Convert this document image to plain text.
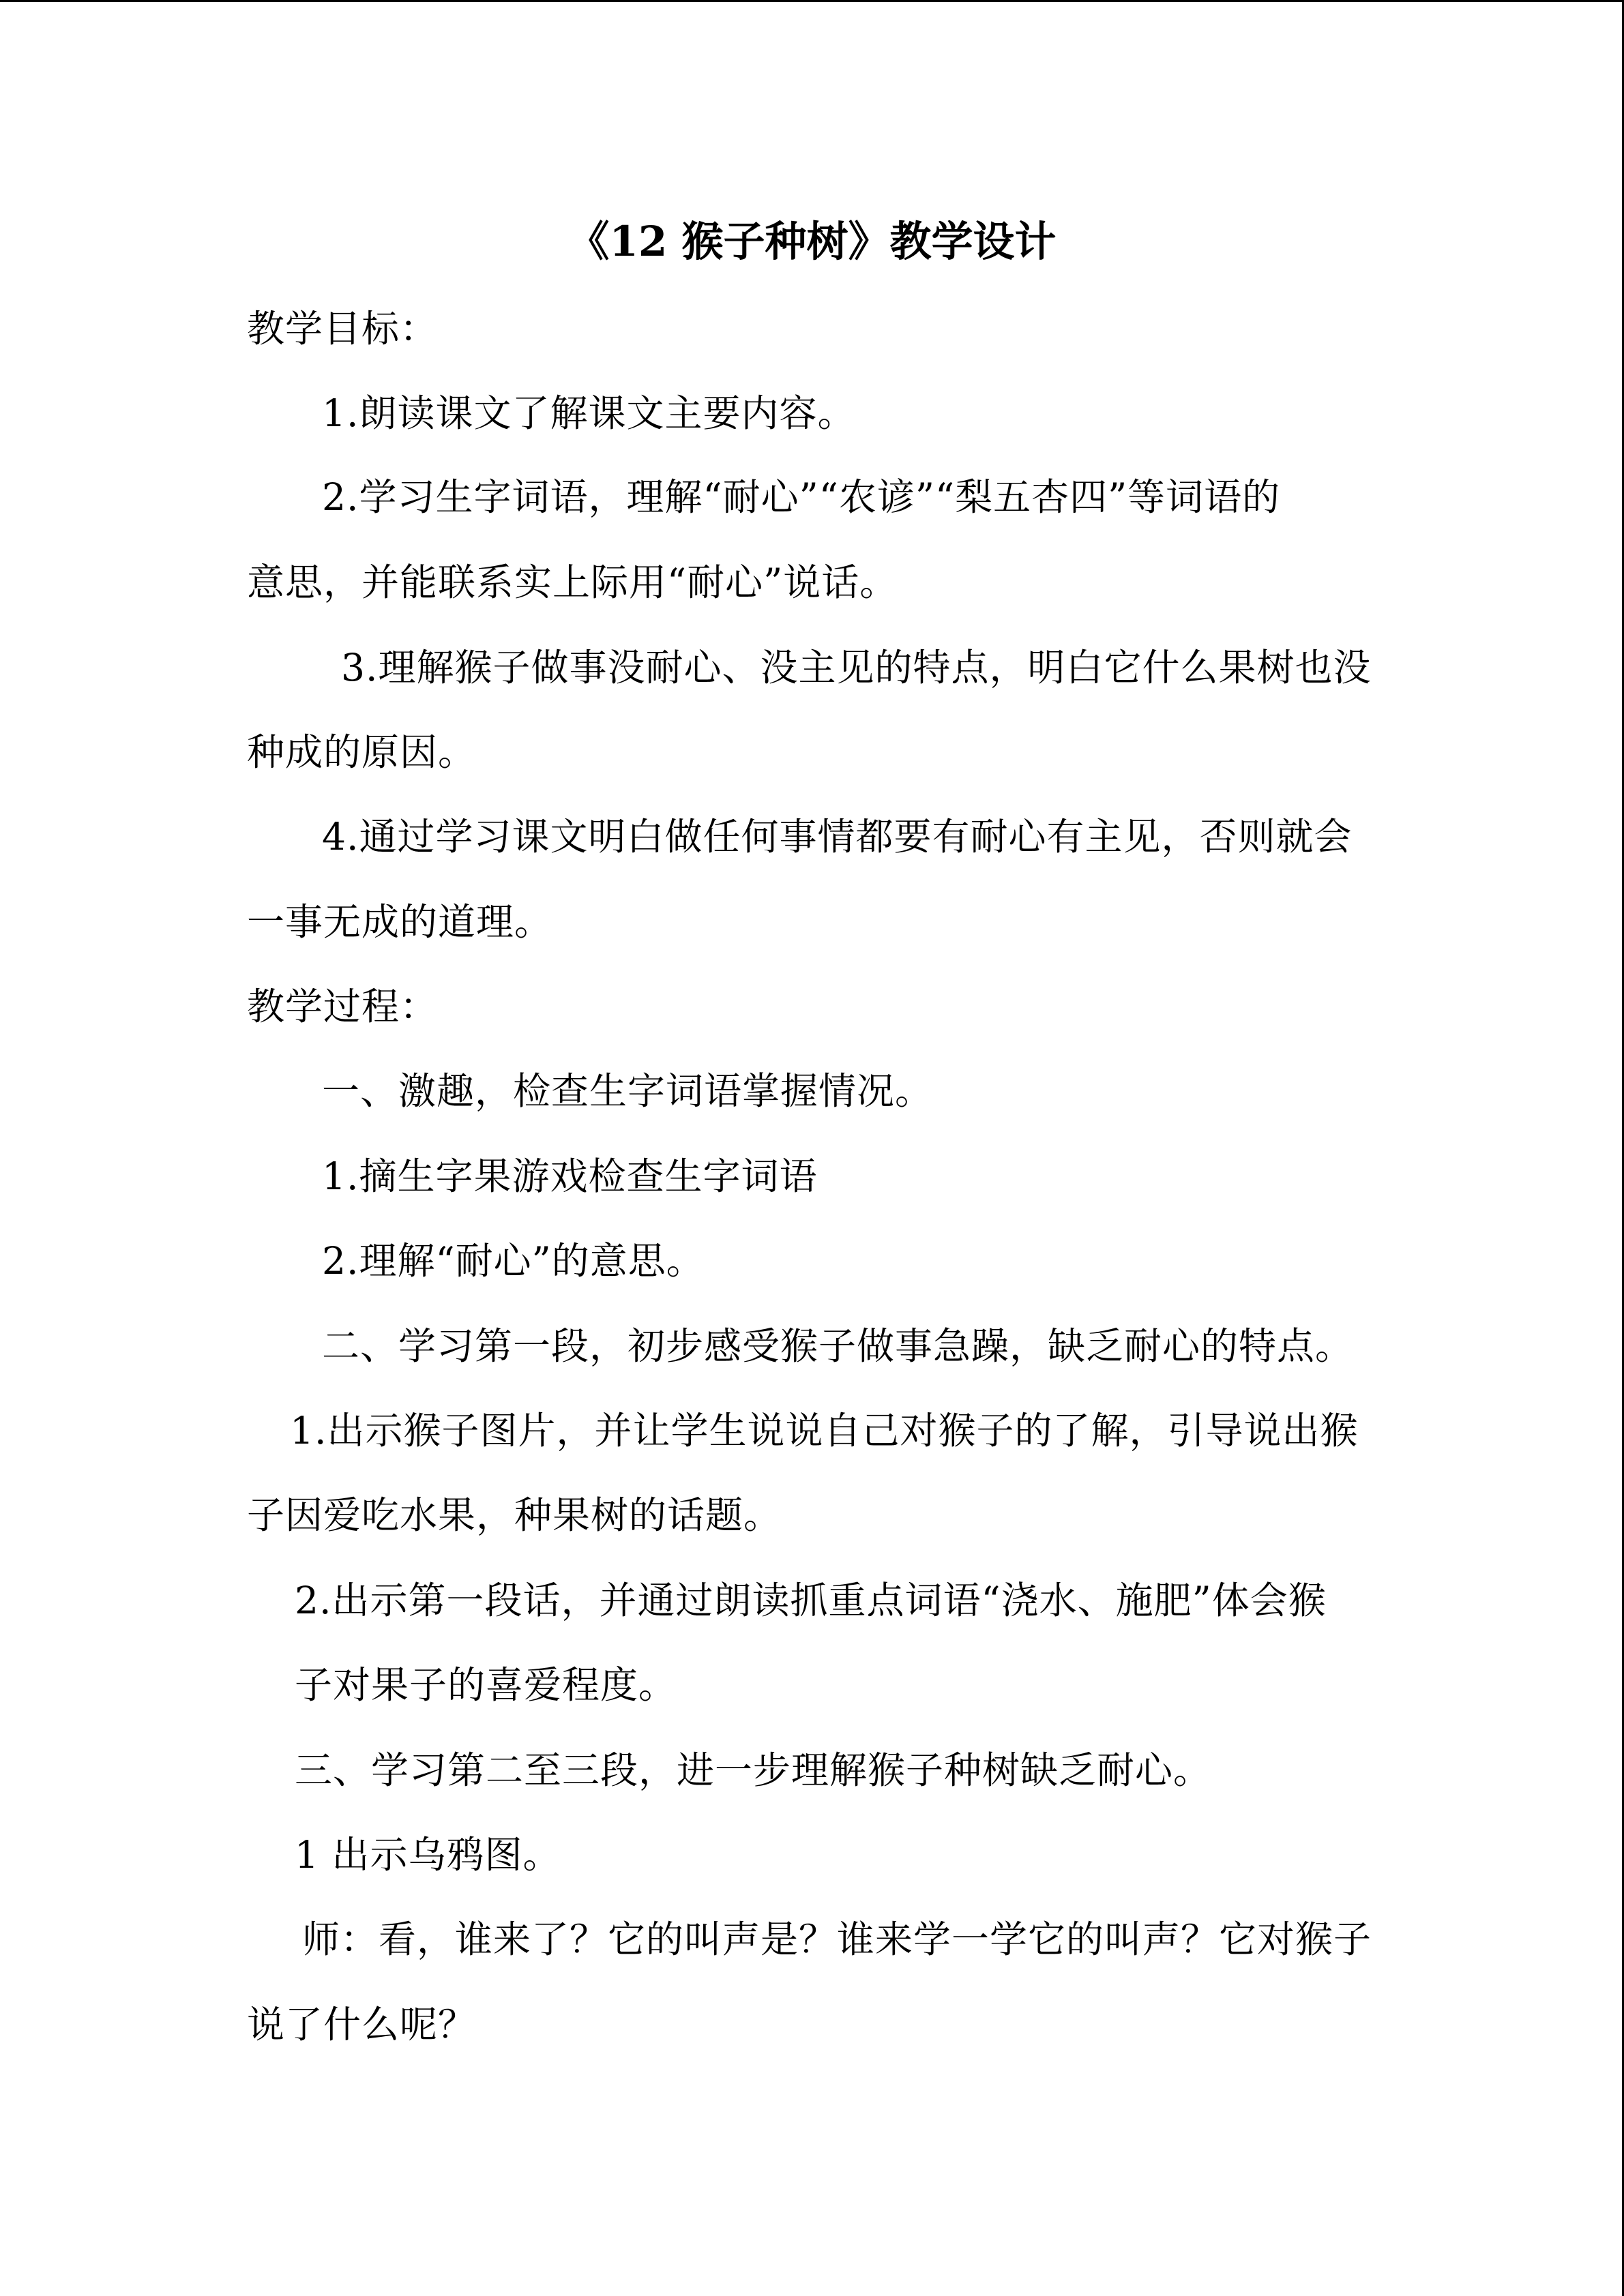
《12 猴子种树》教学设计
教学目标：
1.朗读课文了解课文主要内容。
2.学习生字词语，理解“耐心”“农谚”“梨五杏四”等词语的
意思，并能联系实上际用“耐心”说话。
3.理解猴子做事没耐心、没主见的特点，明白它什么果树也没
种成的原因。
4.通过学习课文明白做任何事情都要有耐心有主见，否则就会
一事无成的道理。
教学过程：
一、激趣，检查生字词语掌握情况。
1.摘生字果游戏检查生字词语
2.理解“耐心”的意思。
二、学习第一段，初步感受猴子做事急躁，缺乏耐心的特点。
1.出示猴子图片，并让学生说说自己对猴子的了解，引导说出猴
子因爱吃水果，种果树的话题。
2.出示第一段话，并通过朗读抓重点词语“浇水、施肥”体会猴
子对果子的喜爱程度。
三、学习第二至三段，进一步理解猴子种树缺乏耐心。
1 出示乌鸦图。
师：看，谁来了？它的叫声是？谁来学一学它的叫声？它对猴子
说了什么呢？
